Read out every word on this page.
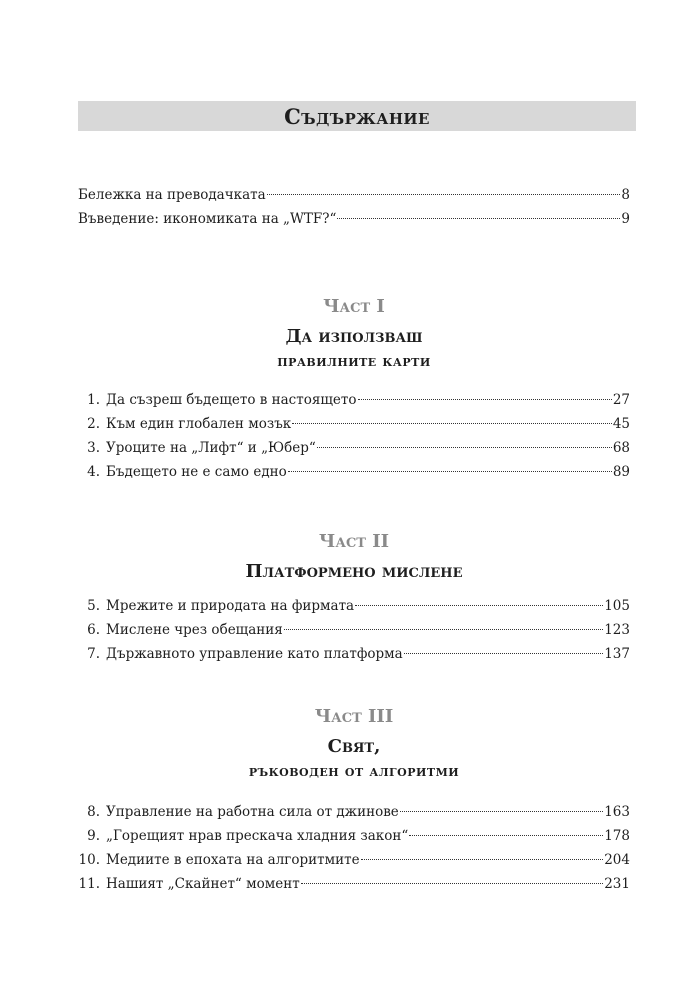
Съдържание
Бележка на преводачката	8
Въведение: икономиката на „WTF?“	9

Част I

Да използваш

правилните карти

1. Да съзреш бъдещето в настоящето	27
2. Към един глобален мозък	45
3. Уроците на „Лифт“ и „Юбер“	68
4. Бъдещето не е само едно	89

Част II

Платформено мислене

5. Мрежите и природата на фирмата	105
6. Мислене чрез обещания	123
7. Държавното управление като платформа	137

Част III

Свят,

ръководен от алгоритми

8. Управление на работна сила от джинове	163
9. „Горещият нрав прескача хладния закон“	178
10. Медиите в епохата на алгоритмите	204
11. Нашият „Скайнет“ момент	231
